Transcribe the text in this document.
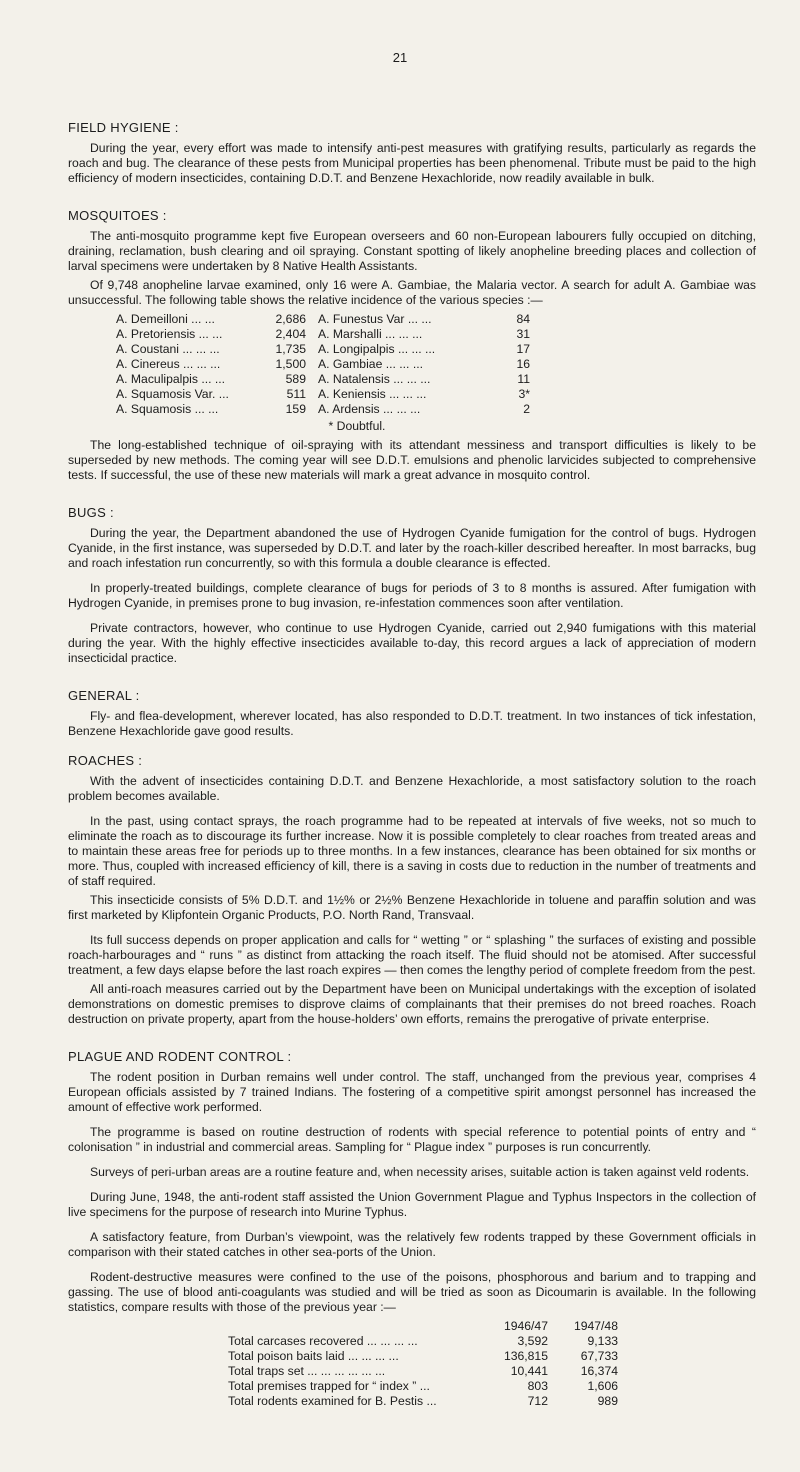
21
FIELD HYGIENE :

During the year, every effort was made to intensify anti-pest measures with gratifying results, particularly as regards the roach and bug. The clearance of these pests from Municipal properties has been phenomenal. Tribute must be paid to the high efficiency of modern insecticides, containing D.D.T. and Benzene Hexachloride, now readily available in bulk.

MOSQUITOES :

The anti-mosquito programme kept five European overseers and 60 non-European labourers fully occupied on ditching, draining, reclamation, bush clearing and oil spraying. Constant spotting of likely anopheline breeding places and collection of larval specimens were undertaken by 8 Native Health Assistants.

Of 9,748 anopheline larvae examined, only 16 were A. Gambiae, the Malaria vector. A search for adult A. Gambiae was unsuccessful. The following table shows the relative incidence of the various species :—

A. Demeilloni ... ...	2,686	A. Funestus Var ... ...	84
A. Pretoriensis ... ...	2,404	A. Marshalli ... ... ...	31
A. Coustani ... ... ...	1,735	A. Longipalpis ... ... ...	17
A. Cinereus ... ... ...	1,500	A. Gambiae ... ... ...	16
A. Maculipalpis ... ...	589	A. Natalensis ... ... ...	11
A. Squamosis Var. ...	511	A. Keniensis ... ... ...	3*
A. Squamosis ... ...	159	A. Ardensis ... ... ...	2
* Doubtful.

The long-established technique of oil-spraying with its attendant messiness and transport difficulties is likely to be superseded by new methods. The coming year will see D.D.T. emulsions and phenolic larvicides subjected to comprehensive tests. If successful, the use of these new materials will mark a great advance in mosquito control.

BUGS :

During the year, the Department abandoned the use of Hydrogen Cyanide fumigation for the control of bugs. Hydrogen Cyanide, in the first instance, was superseded by D.D.T. and later by the roach-killer described hereafter. In most barracks, bug and roach infestation run concurrently, so with this formula a double clearance is effected.

In properly-treated buildings, complete clearance of bugs for periods of 3 to 8 months is assured. After fumigation with Hydrogen Cyanide, in premises prone to bug invasion, re-infestation commences soon after ventilation.

Private contractors, however, who continue to use Hydrogen Cyanide, carried out 2,940 fumigations with this material during the year. With the highly effective insecticides available to-day, this record argues a lack of appreciation of modern insecticidal practice.

GENERAL :

Fly- and flea-development, wherever located, has also responded to D.D.T. treatment. In two instances of tick infestation, Benzene Hexachloride gave good results.

ROACHES :

With the advent of insecticides containing D.D.T. and Benzene Hexachloride, a most satisfactory solution to the roach problem becomes available.

In the past, using contact sprays, the roach programme had to be repeated at intervals of five weeks, not so much to eliminate the roach as to discourage its further increase. Now it is possible completely to clear roaches from treated areas and to maintain these areas free for periods up to three months. In a few instances, clearance has been obtained for six months or more. Thus, coupled with increased efficiency of kill, there is a saving in costs due to reduction in the number of treatments and of staff required.

This insecticide consists of 5% D.D.T. and 1½% or 2½% Benzene Hexachloride in toluene and paraffin solution and was first marketed by Klipfontein Organic Products, P.O. North Rand, Transvaal.

Its full success depends on proper application and calls for “ wetting ” or “ splashing ” the surfaces of existing and possible roach-harbourages and “ runs ” as distinct from attacking the roach itself. The fluid should not be atomised. After successful treatment, a few days elapse before the last roach expires — then comes the lengthy period of complete freedom from the pest.

All anti-roach measures carried out by the Department have been on Municipal undertakings with the exception of isolated demonstrations on domestic premises to disprove claims of complainants that their premises do not breed roaches. Roach destruction on private property, apart from the house-holders’ own efforts, remains the prerogative of private enterprise.

PLAGUE AND RODENT CONTROL :

The rodent position in Durban remains well under control. The staff, unchanged from the previous year, comprises 4 European officials assisted by 7 trained Indians. The fostering of a competitive spirit amongst personnel has increased the amount of effective work performed.

The programme is based on routine destruction of rodents with special reference to potential points of entry and “ colonisation ” in industrial and commercial areas. Sampling for “ Plague index ” purposes is run concurrently.

Surveys of peri-urban areas are a routine feature and, when necessity arises, suitable action is taken against veld rodents.

During June, 1948, the anti-rodent staff assisted the Union Government Plague and Typhus Inspectors in the collection of live specimens for the purpose of research into Murine Typhus.

A satisfactory feature, from Durban’s viewpoint, was the relatively few rodents trapped by these Government officials in comparison with their stated catches in other sea-ports of the Union.

Rodent-destructive measures were confined to the use of the poisons, phosphorous and barium and to trapping and gassing. The use of blood anti-coagulants was studied and will be tried as soon as Dicoumarin is available. In the following statistics, compare results with those of the previous year :—

	1946/47	1947/48
Total carcases recovered ... ... ... ...	3,592	9,133
Total poison baits laid ... ... ... ...	136,815	67,733
Total traps set ... ... ... ... ... ...	10,441	16,374
Total premises trapped for “ index ” ...	803	1,606
Total rodents examined for B. Pestis ...	712	989
